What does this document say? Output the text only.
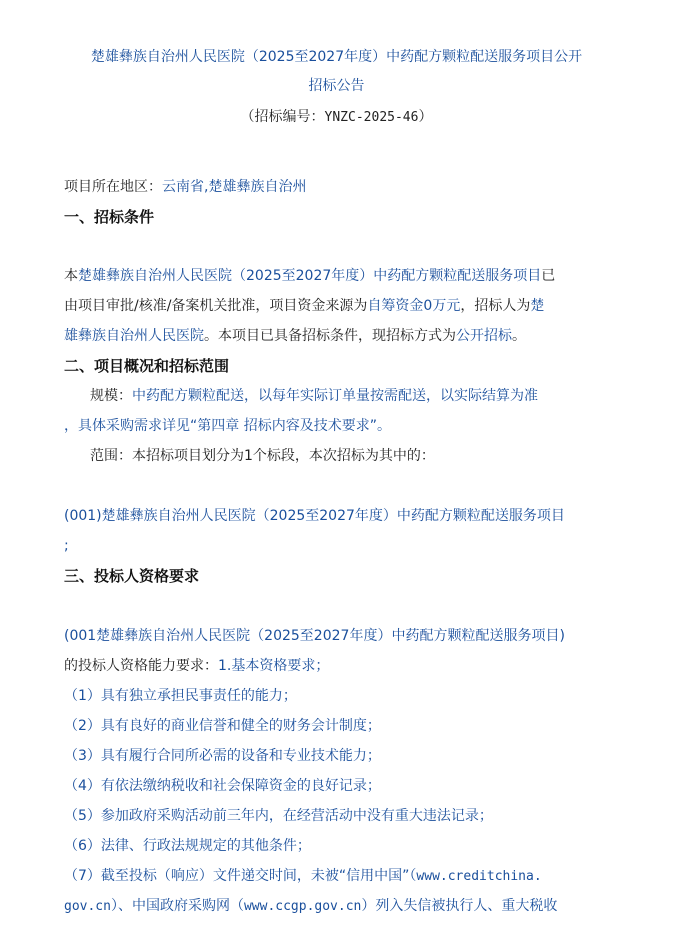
楚雄彝族自治州人民医院（2025至2027年度）中药配方颗粒配送服务项目公开
招标公告
（招标编号：YNZC-2025-46）
项目所在地区：云南省,楚雄彝族自治州
一、招标条件
本楚雄彝族自治州人民医院（2025至2027年度）中药配方颗粒配送服务项目已
由项目审批/核准/备案机关批准，项目资金来源为自筹资金0万元，招标人为楚
雄彝族自治州人民医院。本项目已具备招标条件，现招标方式为公开招标。
二、项目概况和招标范围
规模：中药配方颗粒配送，以每年实际订单量按需配送，以实际结算为准
，具体采购需求详见“第四章 招标内容及技术要求”。
范围：本招标项目划分为1个标段，本次招标为其中的：
(001)楚雄彝族自治州人民医院（2025至2027年度）中药配方颗粒配送服务项目
;
三、投标人资格要求
(001楚雄彝族自治州人民医院（2025至2027年度）中药配方颗粒配送服务项目)
的投标人资格能力要求：1.基本资格要求；
（1）具有独立承担民事责任的能力；
（2）具有良好的商业信誉和健全的财务会计制度；
（3）具有履行合同所必需的设备和专业技术能力；
（4）有依法缴纳税收和社会保障资金的良好记录；
（5）参加政府采购活动前三年内，在经营活动中没有重大违法记录；
（6）法律、行政法规规定的其他条件；
（7）截至投标（响应）文件递交时间，未被“信用中国”（www.creditchina.
gov.cn）、中国政府采购网（www.ccgp.gov.cn）列入失信被执行人、重大税收
